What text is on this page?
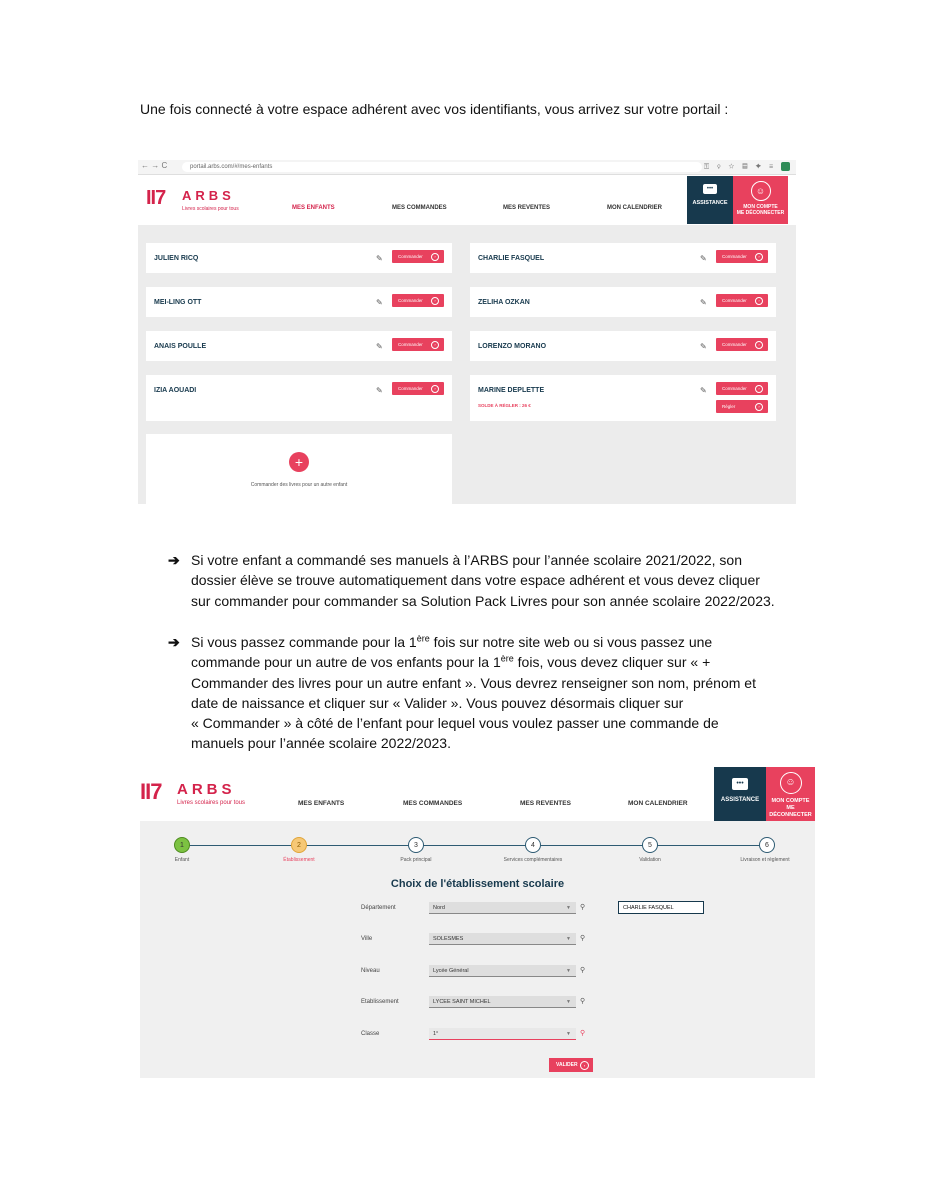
Une fois connecté à votre espace adhérent avec vos identifiants, vous arrivez sur votre portail :
← → C	portail.arbs.com/#/mes-enfants	⚿ ⚲ ☆ ▦ ✦ ≡
II7 ARBS
Livres scolaires pour tous	MES ENFANTS	MES COMMANDES	MES REVENTES	MON CALENDRIER
•••
ASSISTANCE
☺
MON COMPTE
ME DÉCONNECTER
JULIEN RICQ	✎	Commander	›
MEI-LING OTT	✎	Commander	›
ANAIS POULLE	✎	Commander	›
IZIA AOUADI	✎	Commander	›
CHARLIE FASQUEL	✎	Commander	›
ZELIHA OZKAN	✎	Commander	›
LORENZO MORANO	✎	Commander	›
MARINE DEPLETTE
SOLDE À RÉGLER : 26 €
✎	Commander	›
Régler	›
+
Commander des livres pour un autre enfant
➔ Si votre enfant a commandé ses manuels à l’ARBS pour l’année scolaire 2021/2022, son
dossier élève se trouve automatiquement dans votre espace adhérent et vous devez cliquer
sur commander pour commander sa Solution Pack Livres pour son année scolaire 2022/2023.
➔ Si vous passez commande pour la 1ère fois sur notre site web ou si vous passez une
commande pour un autre de vos enfants pour la 1ère fois, vous devez cliquer sur « +
Commander des livres pour un autre enfant ». Vous devrez renseigner son nom, prénom et
date de naissance et cliquer sur « Valider ». Vous pouvez désormais cliquer sur
« Commander » à côté de l’enfant pour lequel vous voulez passer une commande de
manuels pour l’année scolaire 2022/2023.
II7 ARBS
Livres scolaires pour tous	MES ENFANTS	MES COMMANDES	MES REVENTES	MON CALENDRIER
•••
ASSISTANCE
☺
MON COMPTE
ME DÉCONNECTER
1	2	3	4	5	6
Enfant	Établissement	Pack principal	Services complémentaires	Validation	Livraison et règlement
Choix de l'établissement scolaire
Département	Nord	▼ ⚲
Ville	SOLESMES	▼ ⚲
Niveau	Lycée Général	▼ ⚲
Etablissement	LYCEE SAINT MICHEL	▼ ⚲
Classe	1°	▼ ⚲
CHARLIE FASQUEL
VALIDER	›
